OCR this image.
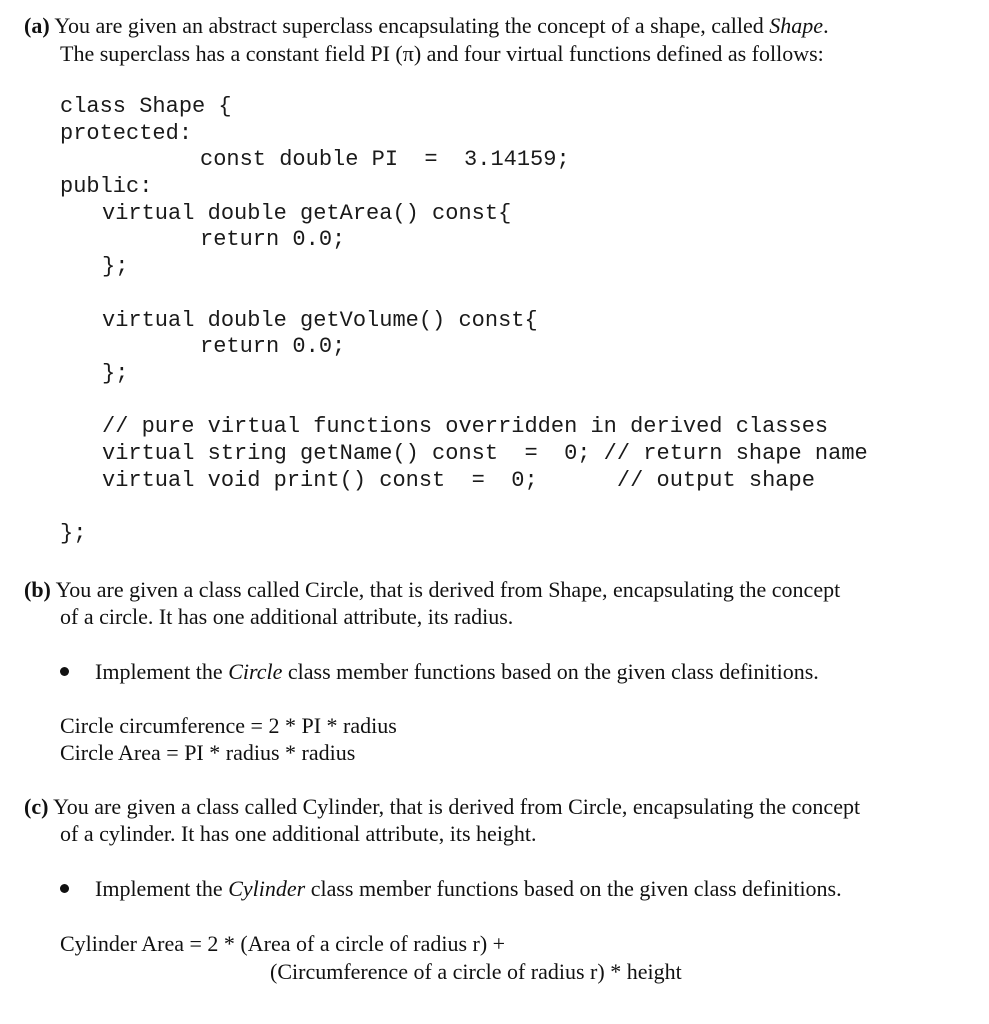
(a) You are given an abstract superclass encapsulating the concept of a shape, called Shape.
The superclass has a constant field PI (π) and four virtual functions defined as follows:
class Shape {
protected:
const double PI  =  3.14159;
public:
virtual double getArea() const{
return 0.0;
};
virtual double getVolume() const{
return 0.0;
};
// pure virtual functions overridden in derived classes
virtual string getName() const  =  0; // return shape name
virtual void print() const  =  0;      // output shape
};
(b) You are given a class called Circle, that is derived from Shape, encapsulating the concept
of a circle. It has one additional attribute, its radius.
Implement the Circle class member functions based on the given class definitions.
Circle circumference = 2 * PI * radius
Circle Area = PI * radius * radius
(c) You are given a class called Cylinder, that is derived from Circle, encapsulating the concept
of a cylinder. It has one additional attribute, its height.
Implement the Cylinder class member functions based on the given class definitions.
Cylinder Area = 2 * (Area of a circle of radius r) +
(Circumference of a circle of radius r) * height
